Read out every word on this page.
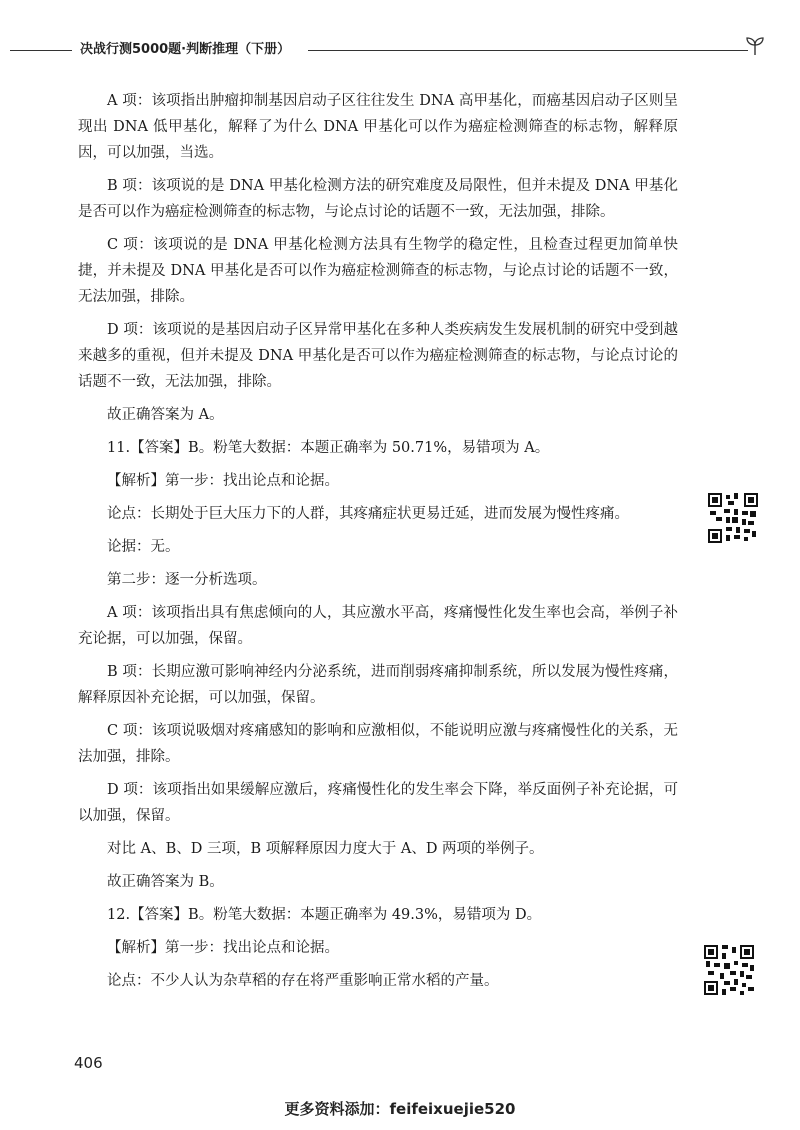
决战行测5000题·判断推理（下册）

A 项：该项指出肿瘤抑制基因启动子区往往发生 DNA 高甲基化，而癌基因启动子区则呈现出 DNA 低甲基化，解释了为什么 DNA 甲基化可以作为癌症检测筛查的标志物，解释原因，可以加强，当选。

B 项：该项说的是 DNA 甲基化检测方法的研究难度及局限性，但并未提及 DNA 甲基化是否可以作为癌症检测筛查的标志物，与论点讨论的话题不一致，无法加强，排除。

C 项：该项说的是 DNA 甲基化检测方法具有生物学的稳定性，且检查过程更加简单快捷，并未提及 DNA 甲基化是否可以作为癌症检测筛查的标志物，与论点讨论的话题不一致，无法加强，排除。

D 项：该项说的是基因启动子区异常甲基化在多种人类疾病发生发展机制的研究中受到越来越多的重视，但并未提及 DNA 甲基化是否可以作为癌症检测筛查的标志物，与论点讨论的话题不一致，无法加强，排除。

故正确答案为 A。

11.【答案】B。粉笔大数据：本题正确率为 50.71%，易错项为 A。

【解析】第一步：找出论点和论据。

论点：长期处于巨大压力下的人群，其疼痛症状更易迁延，进而发展为慢性疼痛。

论据：无。

第二步：逐一分析选项。

A 项：该项指出具有焦虑倾向的人，其应激水平高，疼痛慢性化发生率也会高，举例子补充论据，可以加强，保留。

B 项：长期应激可影响神经内分泌系统，进而削弱疼痛抑制系统，所以发展为慢性疼痛，解释原因补充论据，可以加强，保留。

C 项：该项说吸烟对疼痛感知的影响和应激相似，不能说明应激与疼痛慢性化的关系，无法加强，排除。

D 项：该项指出如果缓解应激后，疼痛慢性化的发生率会下降，举反面例子补充论据，可以加强，保留。

对比 A、B、D 三项，B 项解释原因力度大于 A、D 两项的举例子。

故正确答案为 B。

12.【答案】B。粉笔大数据：本题正确率为 49.3%，易错项为 D。

【解析】第一步：找出论点和论据。

论点：不少人认为杂草稻的存在将严重影响正常水稻的产量。

406
更多资料添加：feifeixuejie520
